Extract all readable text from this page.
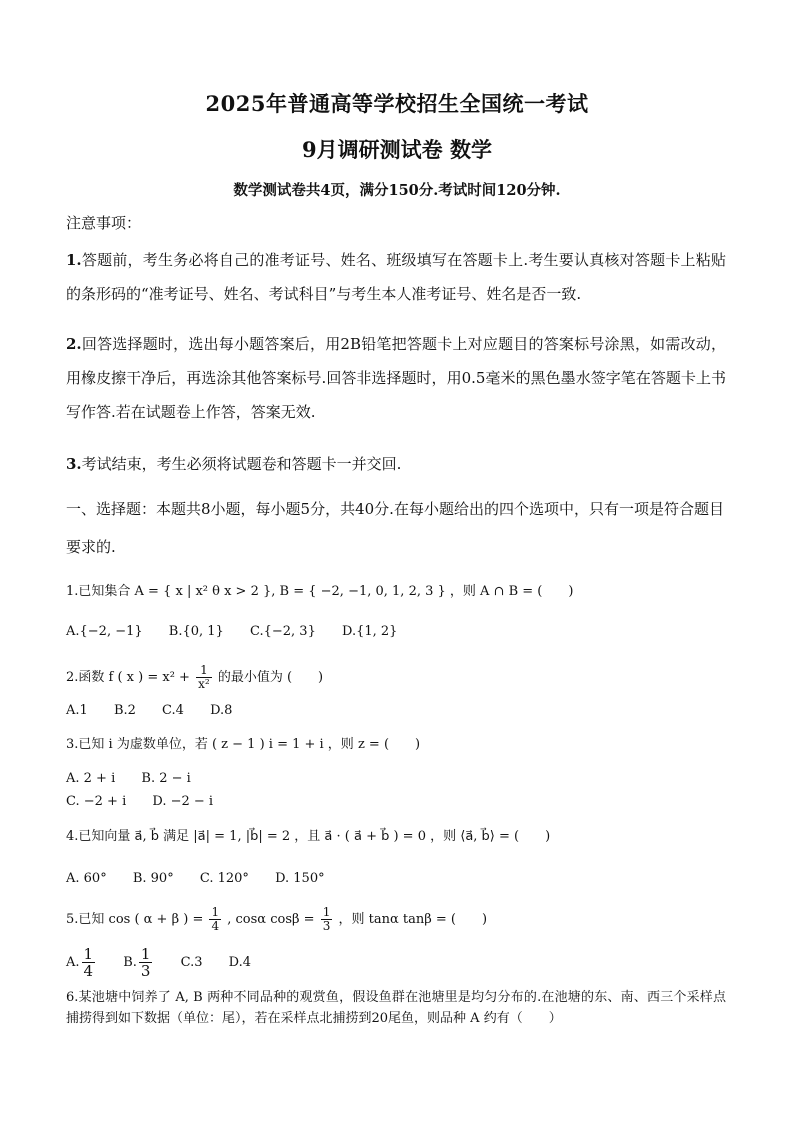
2025年普通高等学校招生全国统一考试
9月调研测试卷 数学
数学测试卷共4页，满分150分.考试时间120分钟.
注意事项：
1.答题前，考生务必将自己的准考证号、姓名、班级填写在答题卡上.考生要认真核对答题卡上粘贴的条形码的“准考证号、姓名、考试科目”与考生本人准考证号、姓名是否一致.
2.回答选择题时，选出每小题答案后，用2B铅笔把答题卡上对应题目的答案标号涂黑，如需改动，用橡皮擦干净后，再选涂其他答案标号.回答非选择题时，用0.5毫米的黑色墨水签字笔在答题卡上书写作答.若在试题卷上作答，答案无效.
3.考试结束，考生必须将试题卷和答题卡一并交回.
一、选择题：本题共8小题，每小题5分，共40分.在每小题给出的四个选项中，只有一项是符合题目要求的.
1.已知集合 A = { x | x² θ x > 2 }, B = { −2, −1, 0, 1, 2, 3 } ，则 A ∩ B = (　　)
A.{−2, −1} B.{0, 1} C.{−2, 3} D.{1, 2}
2.函数 f ( x ) = $x^2 + \frac{1}{\text{x²}}$ 的最小值为 (　　)
A.1 B.2 C.4 D.8
3.已知 i 为虚数单位，若 ( z − 1 ) i = 1 + i ，则 z = (　　)
A. 2 + i B. 2 − i
C. −2 + i D. −2 − i
4.已知向量 a⃗, b⃗ 满足 |a⃗| = 1, |b⃗| = 2 ，且 a⃗ · ( a⃗ + b⃗ ) = 0 ，则 ⟨a⃗, b⃗⟩ = (　　)
A. 60° B. 90° C. 120° D. 150°
5.已知 cos ( α + β ) = $\frac{1}{4}$ , cosα $\cos\beta = \frac{1}{3}$ ，则 tanα tanβ = (　　)
A. $\frac{1}{4} B$. $\frac{1}{3} C.3$ D.4
6.某池塘中饲养了 A, B 两种不同品种的观赏鱼，假设鱼群在池塘里是均匀分布的.在池塘的东、南、西三个采样点捕捞得到如下数据（单位：尾），若在采样点北捕捞到20尾鱼，则品种 A 约有（　　）
